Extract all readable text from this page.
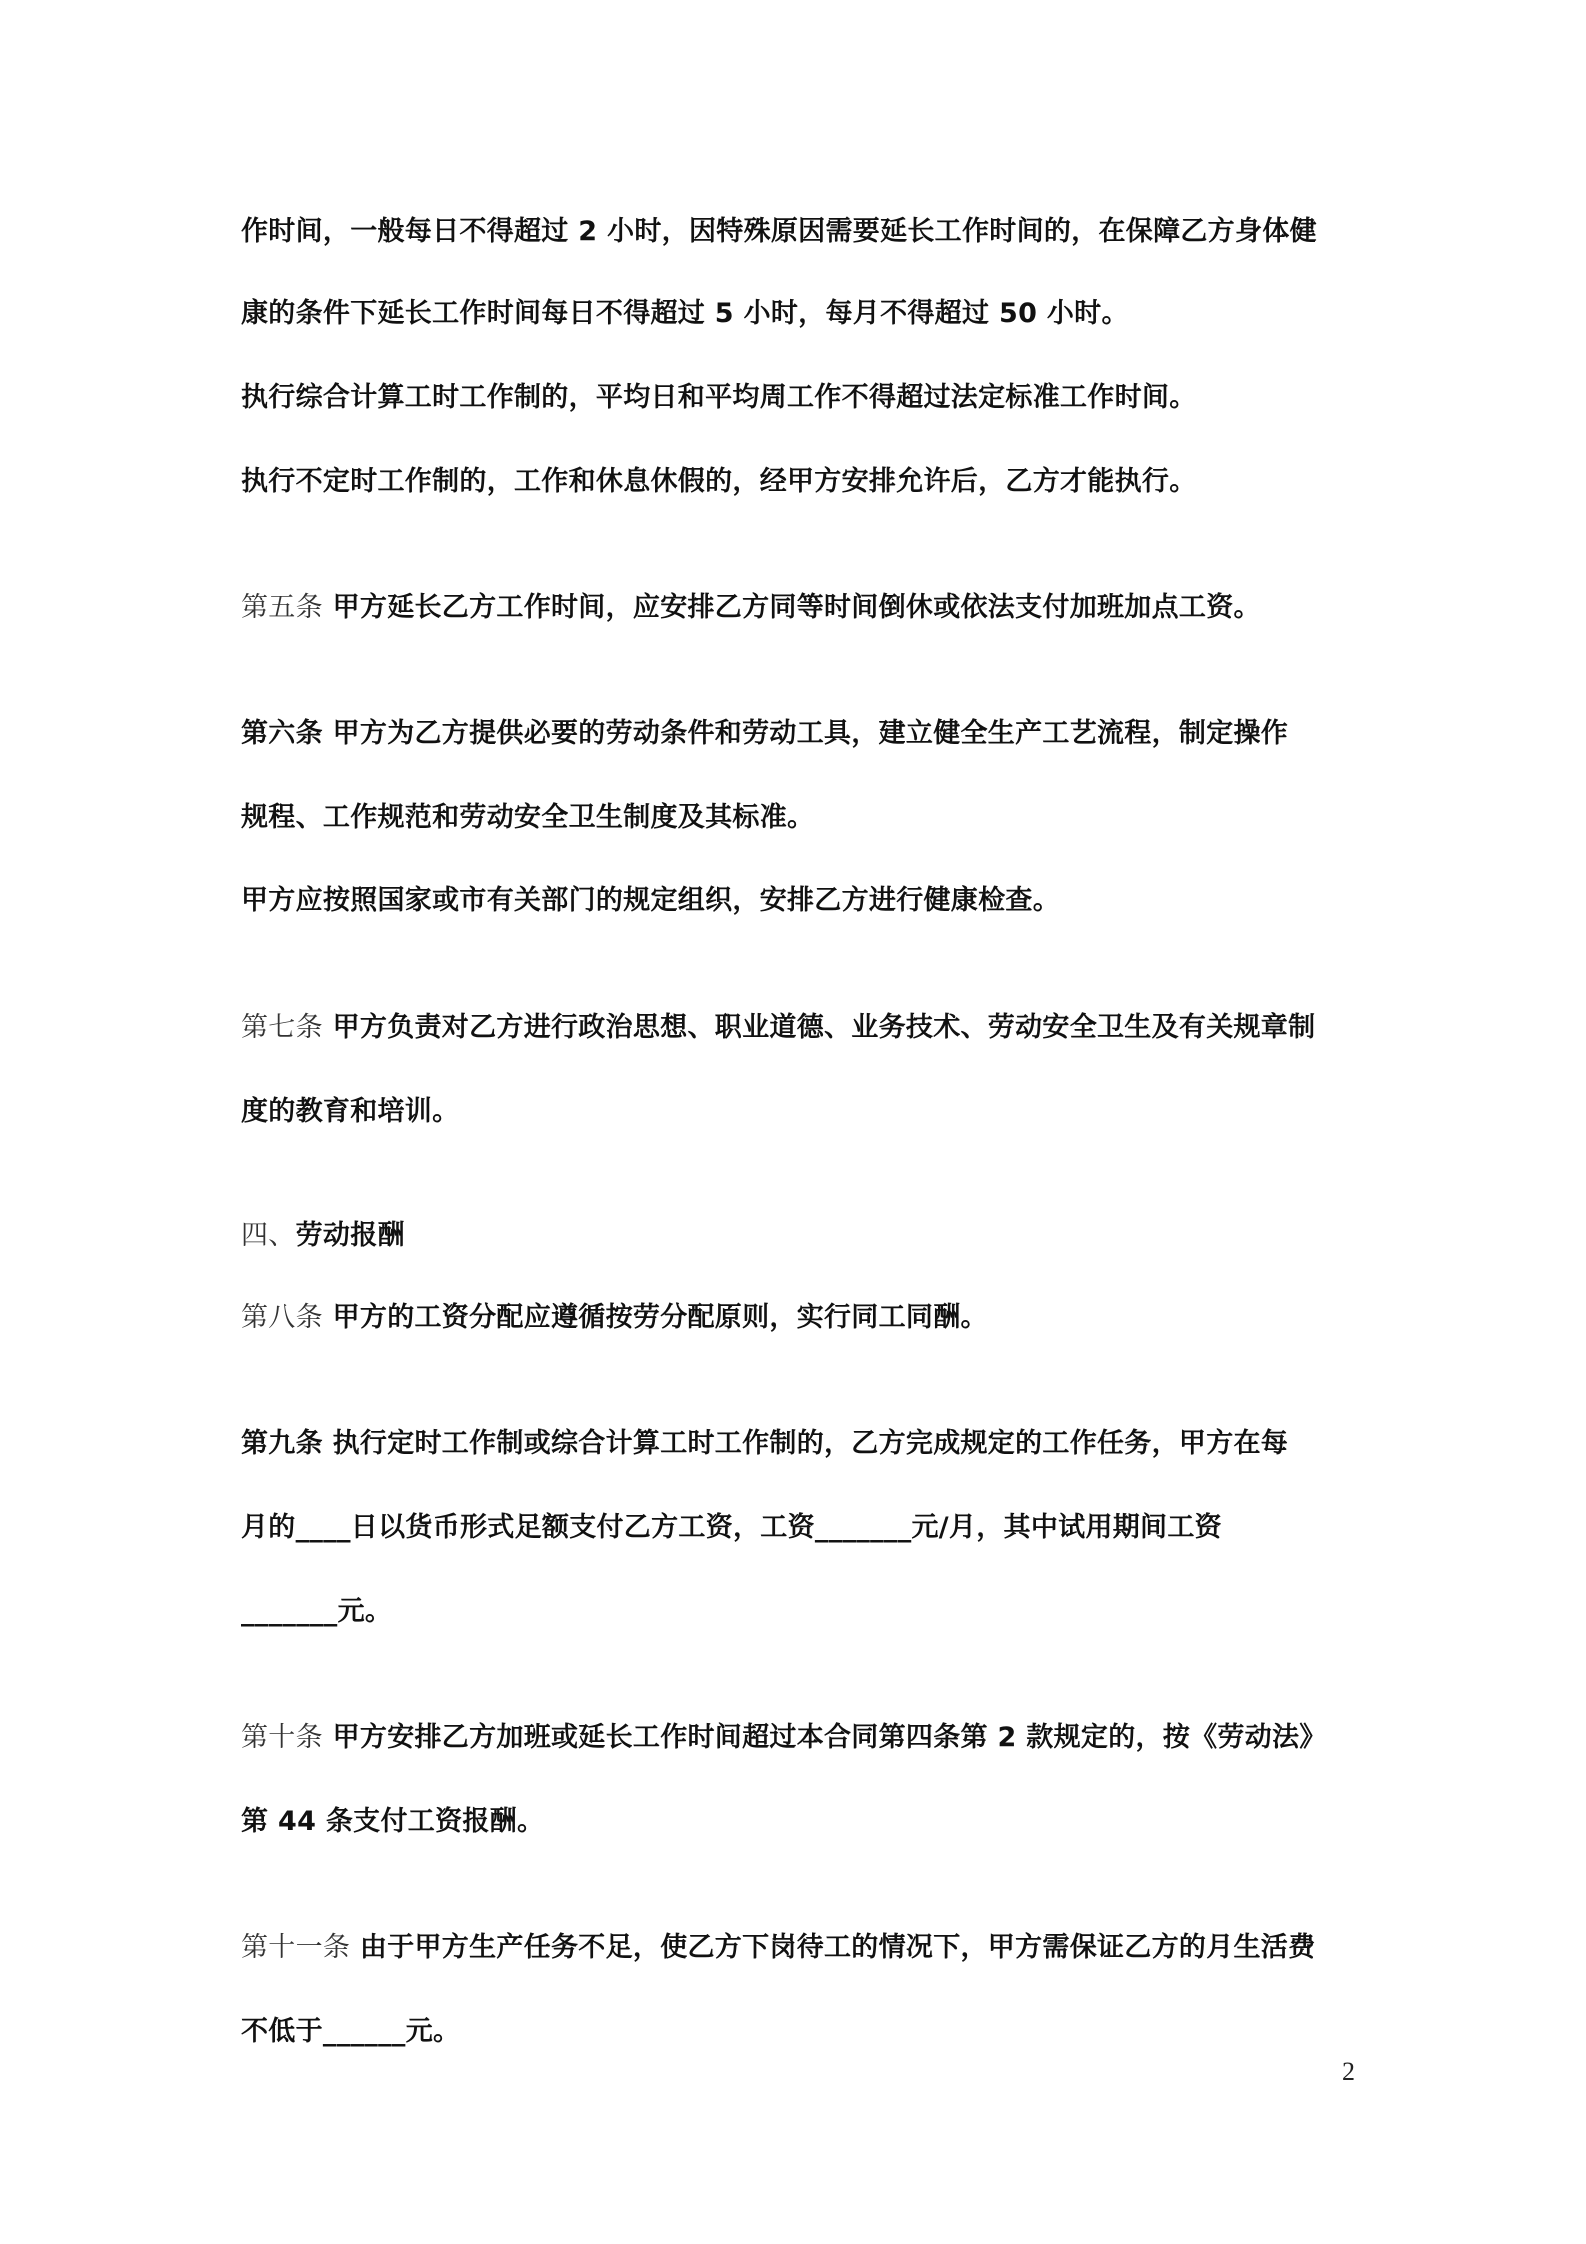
作时间，一般每日不得超过 2 小时，因特殊原因需要延长工作时间的，在保障乙方身体健
康的条件下延长工作时间每日不得超过 5 小时，每月不得超过 50 小时。
执行综合计算工时工作制的，平均日和平均周工作不得超过法定标准工作时间。
执行不定时工作制的，工作和休息休假的，经甲方安排允许后，乙方才能执行。
第五条 甲方延长乙方工作时间，应安排乙方同等时间倒休或依法支付加班加点工资。
第六条 甲方为乙方提供必要的劳动条件和劳动工具，建立健全生产工艺流程，制定操作
规程、工作规范和劳动安全卫生制度及其标准。
甲方应按照国家或市有关部门的规定组织，安排乙方进行健康检查。
第七条 甲方负责对乙方进行政治思想、职业道德、业务技术、劳动安全卫生及有关规章制
度的教育和培训。
四、劳动报酬
第八条 甲方的工资分配应遵循按劳分配原则，实行同工同酬。
第九条 执行定时工作制或综合计算工时工作制的，乙方完成规定的工作任务，甲方在每
月的____日以货币形式足额支付乙方工资，工资_______元/月，其中试用期间工资
_______元。
第十条 甲方安排乙方加班或延长工作时间超过本合同第四条第 2 款规定的，按《劳动法》
第 44 条支付工资报酬。
第十一条 由于甲方生产任务不足，使乙方下岗待工的情况下，甲方需保证乙方的月生活费
不低于______元。
2
